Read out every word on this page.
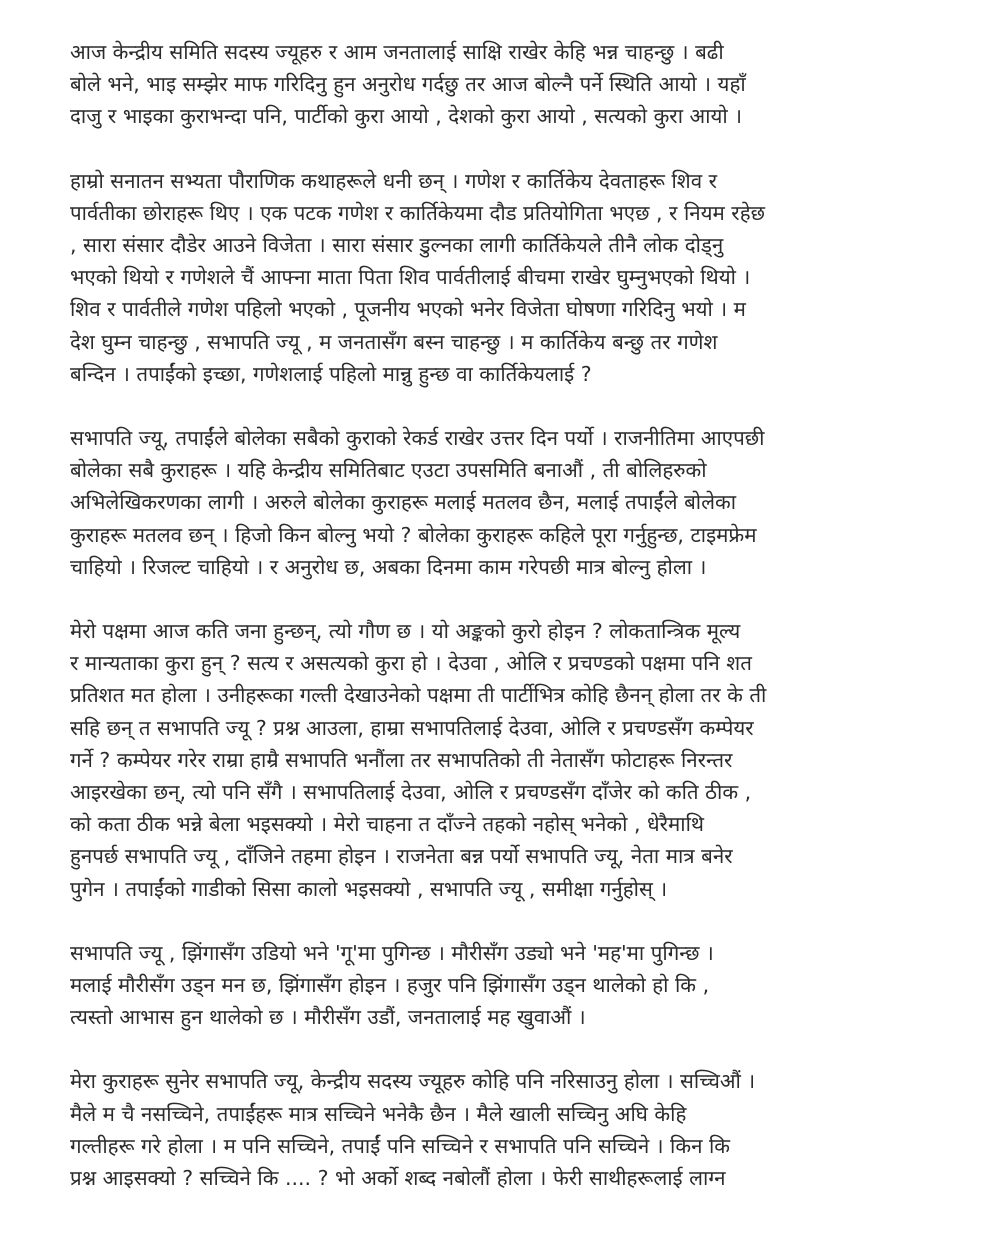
आज केन्द्रीय समिति सदस्य ज्यूहरु र आम जनतालाई साक्षि राखेर केहि भन्न चाहन्छु । बढी
बोले भने, भाइ सम्झेर माफ गरिदिनु हुन अनुरोध गर्दछु तर आज बोल्नै पर्ने स्थिति आयो । यहाँ
दाजु र भाइका कुराभन्दा पनि, पार्टीको कुरा आयो , देशको कुरा आयो , सत्यको कुरा आयो ।

हाम्रो सनातन सभ्यता पौराणिक कथाहरूले धनी छन् । गणेश र कार्तिकेय देवताहरू शिव र
पार्वतीका छोराहरू थिए । एक पटक गणेश र कार्तिकेयमा दौड प्रतियोगिता भएछ , र नियम रहेछ
, सारा संसार दौडेर आउने विजेता । सारा संसार डुल्नका लागी कार्तिकेयले तीनै लोक दोड्नु
भएको थियो र गणेशले चैं आफ्ना माता पिता शिव पार्वतीलाई बीचमा राखेर घुम्नुभएको थियो ।
शिव र पार्वतीले गणेश पहिलो भएको , पूजनीय भएको भनेर विजेता घोषणा गरिदिनु भयो । म
देश घुम्न चाहन्छु , सभापति ज्यू , म जनतासँग बस्न चाहन्छु । म कार्तिकेय बन्छु तर गणेश
बन्दिन । तपाईंको इच्छा, गणेशलाई पहिलो मान्नु हुन्छ वा कार्तिकेयलाई ?

सभापति ज्यू, तपाईंले बोलेका सबैको कुराको रेकर्ड राखेर उत्तर दिन पर्यो । राजनीतिमा आएपछी
बोलेका सबै कुराहरू । यहि केन्द्रीय समितिबाट एउटा उपसमिति बनाऔं , ती बोलिहरुको
अभिलेखिकरणका लागी । अरुले बोलेका कुराहरू मलाई मतलव छैन, मलाई तपाईंले बोलेका
कुराहरू मतलव छन् । हिजो किन बोल्नु भयो ? बोलेका कुराहरू कहिले पूरा गर्नुहुन्छ, टाइमफ्रेम
चाहियो । रिजल्ट चाहियो । र अनुरोध छ, अबका दिनमा काम गरेपछी मात्र बोल्नु होला ।

मेरो पक्षमा आज कति जना हुन्छन्, त्यो गौण छ । यो अङ्कको कुरो होइन ? लोकतान्त्रिक मूल्य
र मान्यताका कुरा हुन् ? सत्य र असत्यको कुरा हो । देउवा , ओलि र प्रचण्डको पक्षमा पनि शत
प्रतिशत मत होला । उनीहरूका गल्ती देखाउनेको पक्षमा ती पार्टीभित्र कोहि छैनन् होला तर के ती
सहि छन् त सभापति ज्यू ? प्रश्न आउला, हाम्रा सभापतिलाई देउवा, ओलि र प्रचण्डसँग कम्पेयर
गर्ने ? कम्पेयर गरेर राम्रा हाम्रै सभापति भनौंला तर सभापतिको ती नेतासँग फोटाहरू निरन्तर
आइरखेका छन्, त्यो पनि सँगै । सभापतिलाई देउवा, ओलि र प्रचण्डसँग दाँजेर को कति ठीक ,
को कता ठीक भन्ने बेला भइसक्यो । मेरो चाहना त दाँज्ने तहको नहोस् भनेको , धेरैमाथि
हुनपर्छ सभापति ज्यू , दाँजिने तहमा होइन । राजनेता बन्न पर्यो सभापति ज्यू, नेता मात्र बनेर
पुगेन । तपाईंको गाडीको सिसा कालो भइसक्यो , सभापति ज्यू , समीक्षा गर्नुहोस् ।

सभापति ज्यू , झिंगासँग उडियो भने 'गू'मा पुगिन्छ । मौरीसँग उड्यो भने 'मह'मा पुगिन्छ ।
मलाई मौरीसँग उड्न मन छ, झिंगासँग होइन । हजुर पनि झिंगासँग उड्न थालेको हो कि ,
त्यस्तो आभास हुन थालेको छ । मौरीसँग उडौं, जनतालाई मह खुवाऔं ।

मेरा कुराहरू सुनेर सभापति ज्यू, केन्द्रीय सदस्य ज्यूहरु कोहि पनि नरिसाउनु होला । सच्चिऔं ।
मैले म चै नसच्चिने, तपाईंहरू मात्र सच्चिने भनेकै छैन । मैले खाली सच्चिनु अघि केहि
गल्तीहरू गरे होला । म पनि सच्चिने, तपाईं पनि सच्चिने र सभापति पनि सच्चिने । किन कि
प्रश्न आइसक्यो ? सच्चिने कि .... ? भो अर्को शब्द नबोलौं होला । फेरी साथीहरूलाई लाग्न
